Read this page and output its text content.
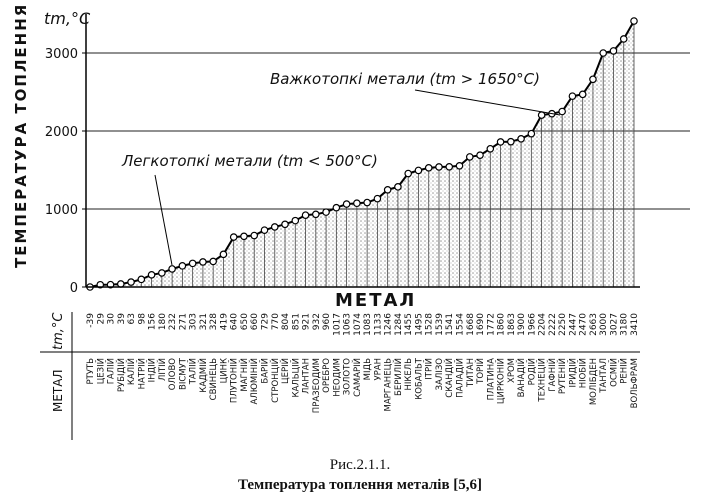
0
1000
2000
3000
tm,°C
ТЕМПЕРАТУРА ТОПЛЕННЯ	Легкотопкі метали (tm < 500°С)
Важкотопкі метали (tm > 1650°С)
МЕТАЛ
tm,°C
МЕТАЛ
-39 29 30 39 63 98 156 180 232 271 303 321 328 419 640 650 660 729 770 804 851 921 932 960 1017 1063 1074 1083 1133 1246 1284 1455 1495 1528 1539 1541 1554 1668 1690 1772 1860 1863 1900 1966 2204 2222 2250 2447 2470 2663 3000 3027 3180 3410
РТУТЬ ЦЕЗІЙ ГАЛІЙ РУБІДІЙ КАЛІЙ НАТРІЙ ІНДІЙ ЛІТІЙ ОЛОВО ВІСМУТ ТАЛІЙ КАДМІЙ СВИНЕЦЬ ЦИНК ПЛУТОНІЙ МАГНІЙ АЛЮМІНІЙ БАРІЙ СТРОНЦІЙ ЦЕРІЙ КАЛЬЦІЙ ЛАНТАН ПРАЗЕОДИМ ОРЕБРО НЕОДИМ ЗОЛОТО САМАРІЙ МІДЬ УРАН МАРГАНЕЦЬ БЕРИЛІЙ НІКЕЛЬ КОБАЛЬТ ІТРІЙ ЗАЛІЗО СКАНДІЙ ПАЛАДІЙ ТИТАН ТОРІЙ ПЛАТИНА ЦИРКОНІЙ ХРОМ ВАНАДІЙ РОДІЙ ТЕХНЕЦІЙ ГАФНІЙ РУТЕНІЙ ІРИДІЙ НІОБІЙ МОЛІБДЕН ТАНТАЛ ОСМІЙ РЕНІЙ ВОЛЬФРАМ

Рис.2.1.1.

Температура топлення металів [5,6]
